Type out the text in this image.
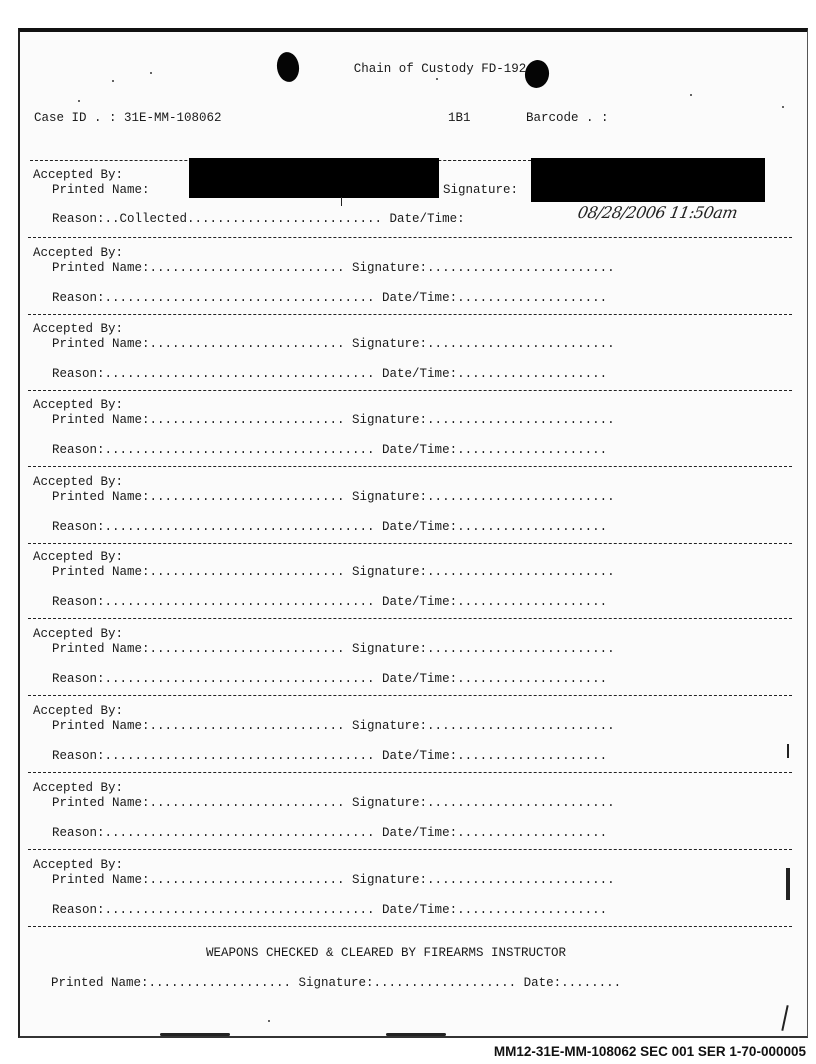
Chain of Custody FD-192
Case ID . : 31E-MM-108062	1B1	Barcode . :
Accepted By:
Printed Name:	Signature:
Reason:..Collected.......................... Date/Time:	08/28/2006 11:50am
Accepted By:
Printed Name:.......................... Signature:.........................
Reason:.................................... Date/Time:....................
Accepted By:
Printed Name:.......................... Signature:.........................
Reason:.................................... Date/Time:....................
Accepted By:
Printed Name:.......................... Signature:.........................
Reason:.................................... Date/Time:....................
Accepted By:
Printed Name:.......................... Signature:.........................
Reason:.................................... Date/Time:....................
Accepted By:
Printed Name:.......................... Signature:.........................
Reason:.................................... Date/Time:....................
Accepted By:
Printed Name:.......................... Signature:.........................
Reason:.................................... Date/Time:....................
Accepted By:
Printed Name:.......................... Signature:.........................
Reason:.................................... Date/Time:....................
Accepted By:
Printed Name:.......................... Signature:.........................
Reason:.................................... Date/Time:....................
Accepted By:
Printed Name:.......................... Signature:.........................
Reason:.................................... Date/Time:....................
WEAPONS CHECKED & CLEARED BY FIREARMS INSTRUCTOR
Printed Name:................... Signature:................... Date:........
MM12-31E-MM-108062 SEC 001 SER 1-70-000005
